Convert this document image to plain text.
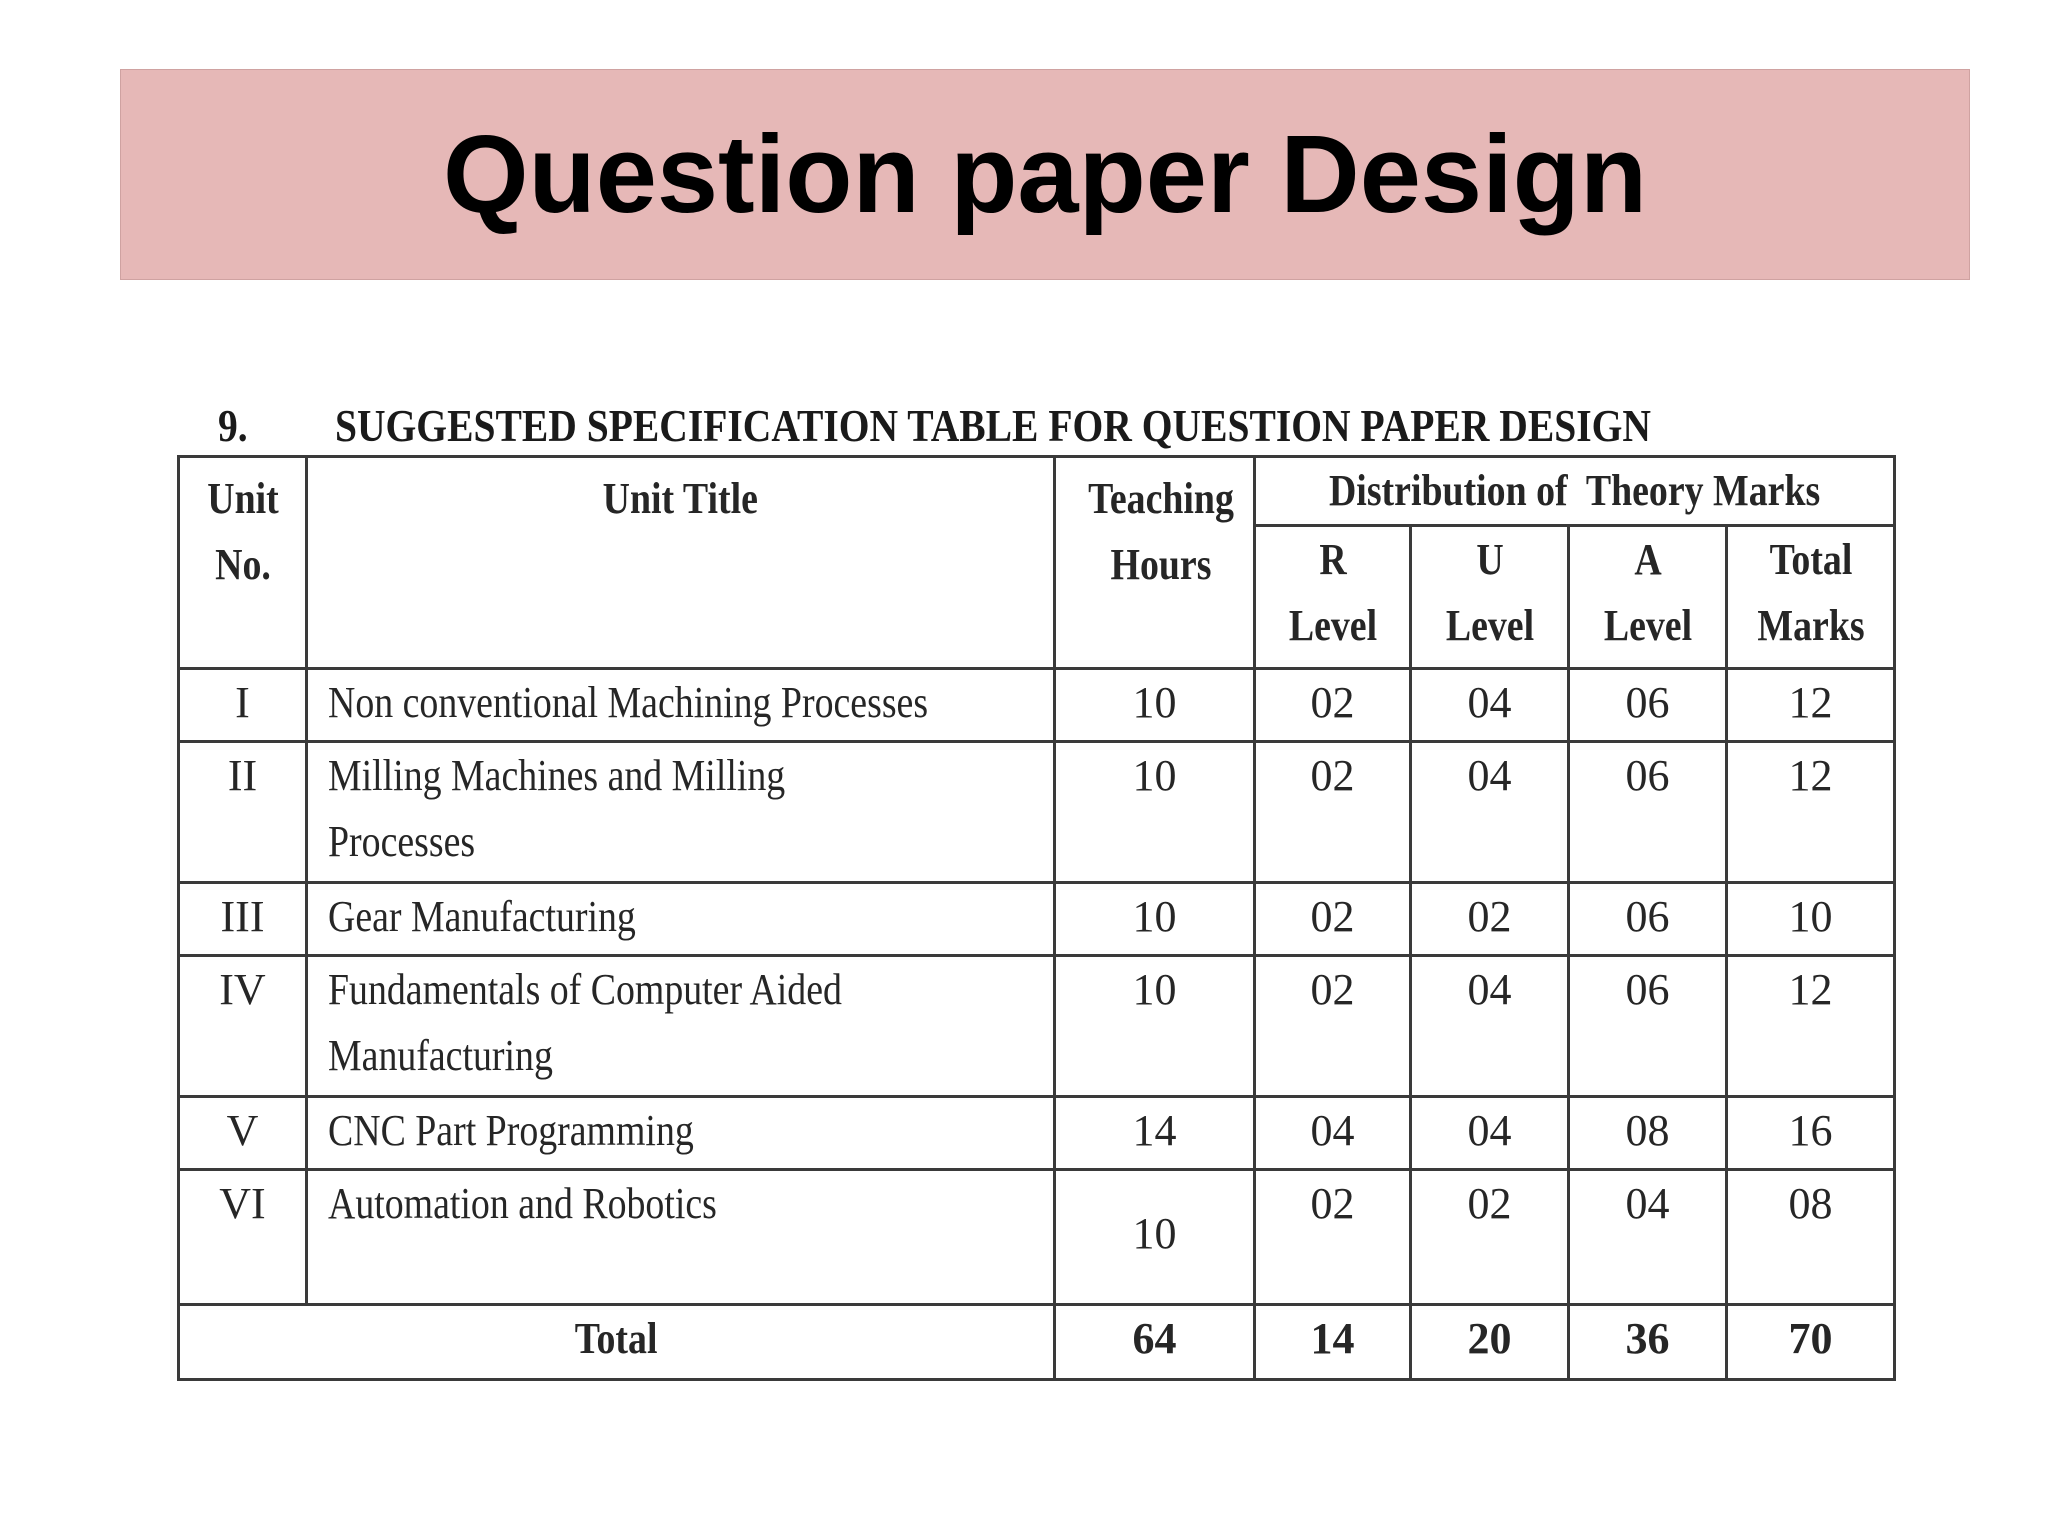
Question paper Design
9.	SUGGESTED SPECIFICATION TABLE FOR QUESTION PAPER DESIGN
Unit No.	Unit Title	Teaching Hours	Distribution of  Theory Marks			
			R Level	U Level	A Level	Total Marks
I	Non conventional Machining Processes	10	02	04	06	12
II	Milling Machines and Milling Processes	10	02	04	06	12
III	Gear Manufacturing	10	02	02	06	10
IV	Fundamentals of Computer Aided Manufacturing	10	02	04	06	12
V	CNC Part Programming	14	04	04	08	16
VI	Automation and Robotics	10	02	02	04	08
Total		64	14	20	36	70
